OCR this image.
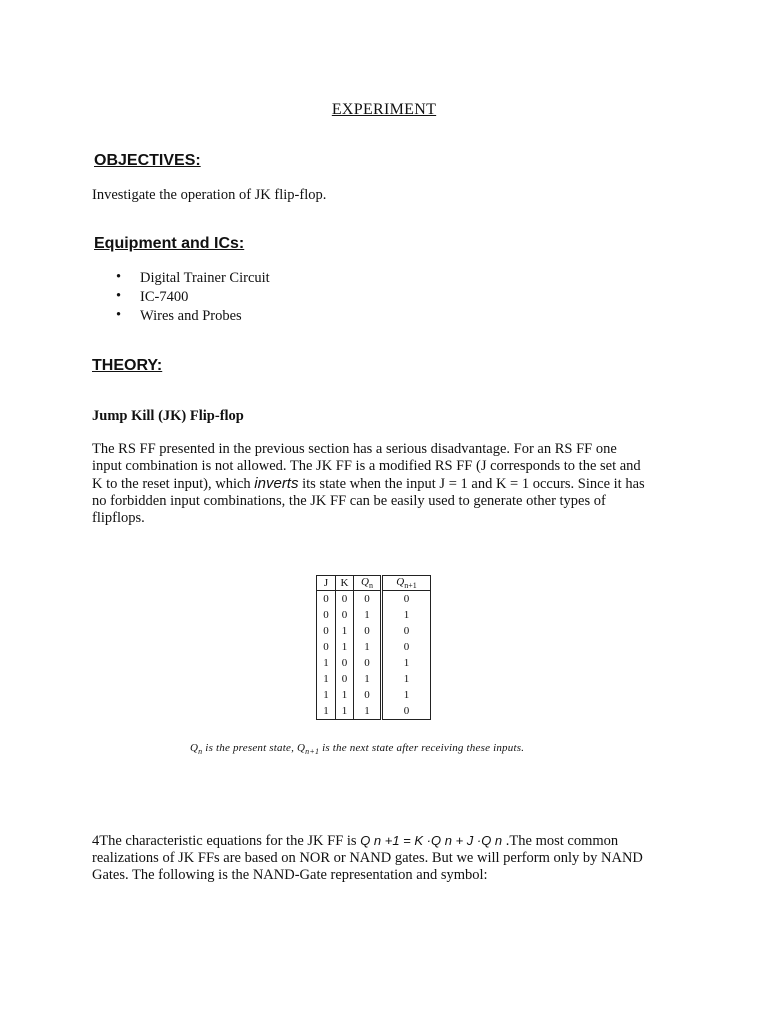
EXPERIMENT
OBJECTIVES:
Investigate the operation of JK flip-flop.
Equipment and ICs:
• Digital Trainer Circuit
• IC-7400
• Wires and Probes
THEORY:
Jump Kill (JK) Flip-flop
The RS FF presented in the previous section has a serious disadvantage. For an RS FF one
input combination is not allowed. The JK FF is a modified RS FF (J corresponds to the set and
K to the reset input), which inverts its state when the input J = 1 and K = 1 occurs. Since it has
no forbidden input combinations, the JK FF can be easily used to generate other types of
flipflops.
J	K	$Q_n$	$Q_{n+1}$
0	0	0	0
0	0	1	1
0	1	0	0
0	1	1	0
1	0	0	1
1	0	1	1
1	1	0	1
1	1	1	0
$Q_n$ is the present state, $Q_{n+1}$ is the next state after receiving these inputs.
4The characteristic equations for the JK FF is Q n +1 = K ·Q n + J ·Q n .The most common
realizations of JK FFs are based on NOR or NAND gates. But we will perform only by NAND
Gates. The following is the NAND-Gate representation and symbol:
